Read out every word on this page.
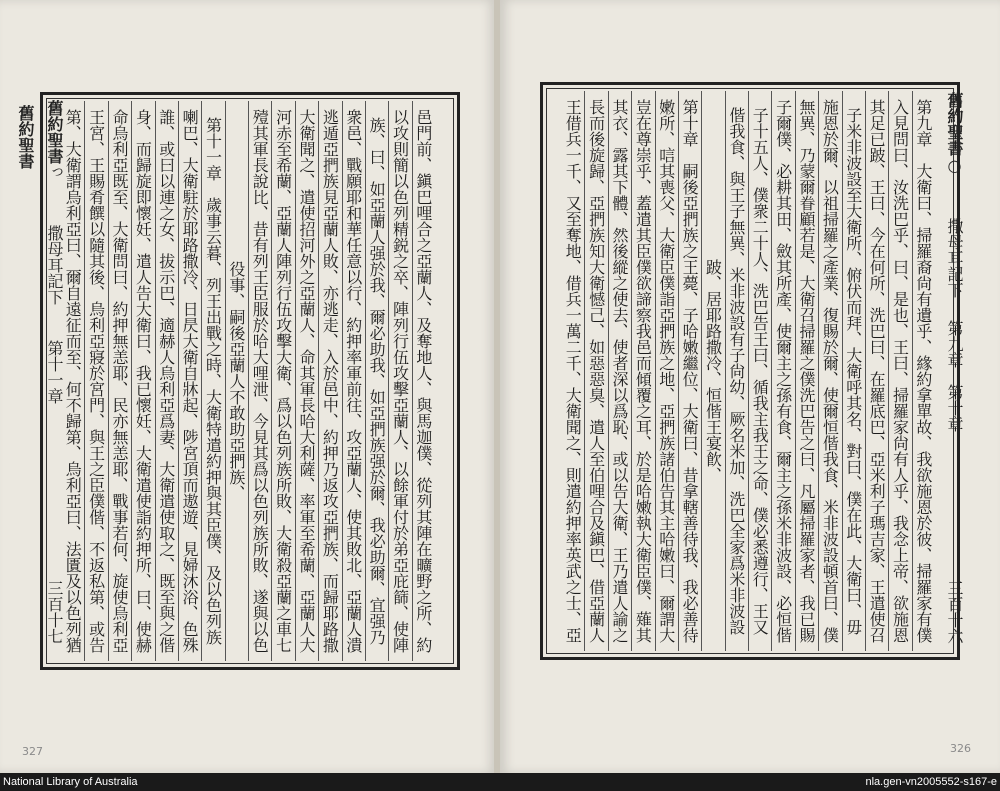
邑門前、鎭巴哩合之亞蘭人、及奪地人、與馬迦僕、從列其陣在曠野之所、約
以攻則簡以色列精鋭之卒、陣列行伍攻擊亞蘭人、以餘軍付於弟亞庇篩、使陣
族、曰、如亞蘭人强於我、爾必助我、如亞捫族强於爾、我必助爾、宜强乃
衆邑、戰願耶和華任意以行、約押率軍前往、攻亞蘭人、使其敗北、亞蘭人潰
逃遁亞捫族見亞蘭人敗、亦逃走、入於邑中、約押乃返攻亞捫族、而歸耶路撒
大衛聞之、遣使招河外之亞蘭人、命其軍長哈大利薩、率軍至希蘭、亞蘭人大
河赤至希蘭、亞蘭人陣列行伍攻擊大衛、爲以色列族所敗、大衛殺亞蘭之車七
殪其軍長說比、昔有列王臣服於哈大哩泄、今見其爲以色列族所敗、遂與以色
役事、嗣後亞蘭人不敢助亞捫族、
第十一章　歲事云暮、列王出戰之時、大衛特遣約押與其臣僕、及以色列族
喇巴、大衛駐於耶路撒冷、日昃大衛自牀起、陟宮頂而遨遊、見婦沐浴、色殊
誰、或曰以連之女、拔示巴、適赫人烏利亞爲妻、大衛遣使取之、既至與之偕
身、而歸旋即懷妊、遣人告大衛曰、我已懷妊、大衛遣使詣約押所、曰、使赫
命烏利亞既至、大衛問曰、約押無恙耶、民亦無恙耶、戰事若何、旋使烏利亞
王宮、王賜肴饌以隨其後、烏利亞寢於宮門、與王之臣僕偕、不返私第、或告
第、大衛謂烏利亞曰、爾自遠征而至、何不歸第、烏利亞曰、法匱及以色列猶
舊約聖書 舊約聖書っ
撒母耳記下
第十一章
三百十七
327
第九章　大衛曰、掃羅裔尙有遺乎、緣約拿單故、我欲施恩於彼、掃羅家有僕
入見問曰、汝洗巴乎、曰、是也、王曰、掃羅家尙有人乎、我念上帝、欲施恩
其足已跛、王曰、今在何所、洗巴曰、在羅底巴、亞米利子瑪吉家、王遣使召
子米非波設至大衛所、俯伏而拜、大衛呼其名、對曰、僕在此、大衛曰、毋
施恩於爾、以祖掃羅之產業、復賜於爾、使爾恒偕我食、米非波設頓首曰、僕
無異、乃蒙爾眷顧若是、大衛召掃羅之僕洗巴告之曰、凡屬掃羅家者、我已賜
子爾僕、必耕其田、斂其所產、使爾主之孫有食、爾主之孫米非波設、必恒偕
子十五人、僕衆二十人、洗巴告王曰、循我主我王之命、僕必悉遵行、王又
偕我食、與王子無異、米非波設有子尙幼、厥名米加、洗巴全家爲米非波設
跛、居耶路撒冷、恒偕王宴飮、
第十章　嗣後亞捫族之王薨、子哈嫩繼位、大衛曰、昔拿轄善待我、我必善待
嫩所、唁其喪父、大衛臣僕詣亞捫族之地、亞捫族諸伯告其主哈嫩曰、爾謂大
豈在尊崇乎、蓋遣其臣僕欲諦察我邑而傾覆之耳、於是哈嫩執大衛臣僕、薙其
其衣、露其下體、然後縱之使去、使者深以爲恥、或以告大衛、王乃遣人諭之
長而後旋歸、亞捫族知大衛憾己、如惡惡臭、遣人至伯哩合及鎭巴、借亞蘭人
王借兵一千、又至奪地、借兵一萬二千、大衛聞之、則遣約押率英武之士、亞
舊約聖書○
撒母耳記下
第九章　第十章
三百十六
326
National Library of Australia	nla.gen-vn2005552-s167-e
